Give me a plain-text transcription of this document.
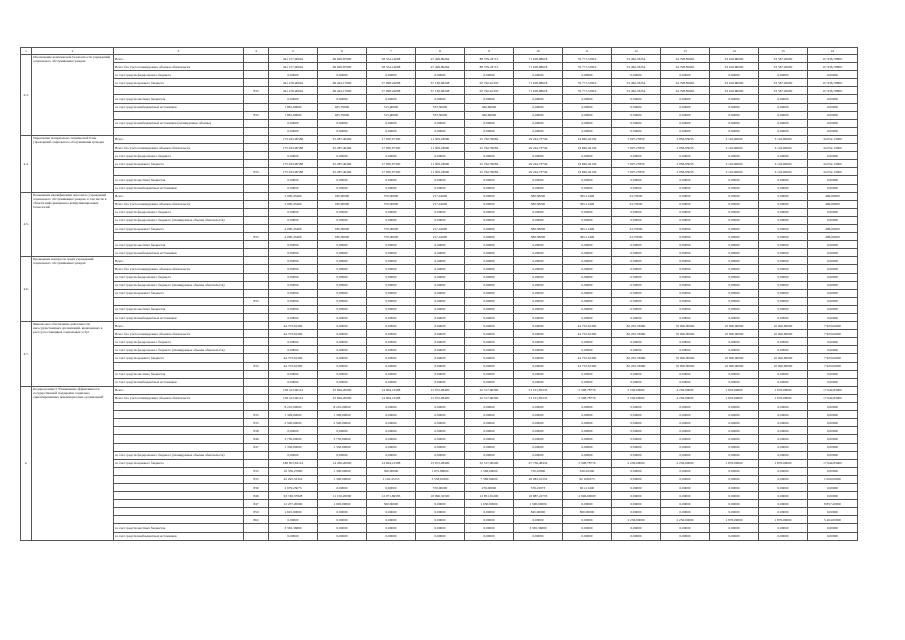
1	2	3	4	5	6	7	8	9	10	11	12	13	14	15	16
4.3.	Обеспечение комплексной безопасности учреждений социального обслуживания граждан	Всего		591 157,90642	69 909,87900	58 554,14098	27 499,96264	88 379,23715	71 918,98618	76 771,51810	53 462,76254	34 798,85965	33 018,80000	33 567,20000	67 436,79800
		Всего без учета планируемых объемов обязательств		591 157,90642	69 909,87900	58 554,14098	27 499,96264	88 379,23715	71 918,98618	76 771,51810	53 462,76254	34 798,85965	33 018,80000	33 567,20000	67 436,79800
		за счет средств федерального бюджета		0,00000	0,00000	0,00000	0,00000	0,00000	0,00000	0,00000	0,00000	0,00000	0,00000	0,00000	0,00000
		за счет средств краевого бюджета		591 276,00642	69 444,17900	57 998,24098	37 136,66248	67 792,61335	71 918,98618	76 771,51810	53 462,76254	34 798,85965	33 018,80000	33 567,20000	67 436,79800
			835	591 276,00642	69 444,17900	57 998,24098	37 136,66248	67 792,61335	71 918,98618	76 771,51810	53 462,76254	34 798,85965	33 018,80000	33 567,20000	67 436,79800
		за счет средств местных бюджетов		0,00000	0,00000	0,00000	0,00000	0,00000	0,00000	0,00000	0,00000	0,00000	0,00000	0,00000	0,00000
		за счет средств внебюджетных источников		1 881,90000	465,70000	515,90000	333,30000	566,60000	0,00000	0,00000	0,00000	0,00000	0,00000	0,00000	0,00000
			835	1 881,90000	465,70000	515,90000	333,30000	566,60000	0,00000	0,00000	0,00000	0,00000	0,00000	0,00000	0,00000
		за счет средств внебюджетных источников (планируемые объемы)		0,00000	0,00000	0,00000	0,00000	0,00000	0,00000	0,00000	0,00000	0,00000	0,00000	0,00000	0,00000
				0,00000	0,00000	0,00000	0,00000	0,00000	0,00000	0,00000	0,00000	0,00000	0,00000	0,00000	0,00000
4.4.	Укрепление материально-технической базы учреждений социального обслуживания граждан	Всего		175 933,90586	25 287,40400	17 050,07300	11 509,18000	25 762,59082	29 244,73749	19 840,43159	7 097,27850	2 856,05635	3 116,90000	3 116,90000	34 052,13900
		Всего без учета планируемых объемов обязательств		175 933,90586	25 287,40400	17 050,07300	11 509,18000	25 762,59082	29 244,73749	19 840,43159	7 097,27850	2 856,05635	3 116,90000	3 116,90000	34 052,13900
		за счет средств федерального бюджета		0,00000	0,00000	0,00000	0,00000	0,00000	0,00000	0,00000	0,00000	0,00000	0,00000	0,00000	0,00000
		за счет средств краевого бюджета		175 933,90586	25 287,40400	17 050,07300	11 509,18000	25 762,59082	29 244,73749	19 840,43159	7 097,27850	2 856,05635	3 116,90000	3 116,90000	34 052,13900
			835	175 933,90586	25 287,40400	17 050,07300	11 509,18000	25 762,59082	29 244,73749	19 840,43159	7 097,27850	2 856,05635	3 116,90000	3 116,90000	34 052,13900
		за счет средств местных бюджетов		0,00000	0,00000	0,00000	0,00000	0,00000	0,00000	0,00000	0,00000	0,00000	0,00000	0,00000	0,00000
		за счет средств внебюджетных источников		0,00000	0,00000	0,00000	0,00000	0,00000	0,00000	0,00000	0,00000	0,00000	0,00000	0,00000	0,00000
4.5.	Повышение квалификации персонала учреждений социального обслуживания граждан, в том числе в области информационно-коммуникационных технологий	Всего		2 090,45409	180,00000	370,00000	217,44000	0,00000	589,58000	365,11409	61,70000	0,00000	0,00000	0,00000	486,60000
		Всего без учета планируемых объемов обязательств		2 090,45409	180,00000	370,00000	217,44000	0,00000	589,58000	365,11409	61,70000	0,00000	0,00000	0,00000	486,60000
		за счет средств федерального бюджета		0,00000	0,00000	0,00000	0,00000	0,00000	0,00000	0,00000	0,00000	0,00000	0,00000	0,00000	0,00000
		за счет средств федерального бюджета (планируемые объемы обязательств)		0,00000	0,00000	0,00000	0,00000	0,00000	0,00000	0,00000	0,00000	0,00000	0,00000	0,00000	0,00000
		за счет средств краевого бюджета		2 090,45409	180,00000	370,00000	217,44000	0,00000	589,58000	365,11409	61,70000	0,00000	0,00000	0,00000	486,60000
			835	2 090,45409	180,00000	370,00000	217,44000	0,00000	589,58000	365,11409	61,70000	0,00000	0,00000	0,00000	486,60000
		за счет средств местных бюджетов		0,00000	0,00000	0,00000	0,00000	0,00000	0,00000	0,00000	0,00000	0,00000	0,00000	0,00000	0,00000
		за счет средств внебюджетных источников		0,00000	0,00000	0,00000	0,00000	0,00000	0,00000	0,00000	0,00000	0,00000	0,00000	0,00000	0,00000
4.6.	Проведение конкурсов среди учреждений социального обслуживания граждан	Всего		0,00000	0,00000	0,00000	0,00000	0,00000	0,00000	0,00000	0,00000	0,00000	0,00000	0,00000	0,00000
		Всего без учета планируемых объемов обязательств		0,00000	0,00000	0,00000	0,00000	0,00000	0,00000	0,00000	0,00000	0,00000	0,00000	0,00000	0,00000
		за счет средств федерального бюджета		0,00000	0,00000	0,00000	0,00000	0,00000	0,00000	0,00000	0,00000	0,00000	0,00000	0,00000	0,00000
		за счет средств федерального бюджета (планируемые объемы обязательств)		0,00000	0,00000	0,00000	0,00000	0,00000	0,00000	0,00000	0,00000	0,00000	0,00000	0,00000	0,00000
		за счет средств краевого бюджета		0,00000	0,00000	0,00000	0,00000	0,00000	0,00000	0,00000	0,00000	0,00000	0,00000	0,00000	0,00000
			835	0,00000	0,00000	0,00000	0,00000	0,00000	0,00000	0,00000	0,00000	0,00000	0,00000	0,00000	0,00000
		за счет средств местных бюджетов		0,00000	0,00000	0,00000	0,00000	0,00000	0,00000	0,00000	0,00000	0,00000	0,00000	0,00000	0,00000
		за счет средств внебюджетных источников		0,00000	0,00000	0,00000	0,00000	0,00000	0,00000	0,00000	0,00000	0,00000	0,00000	0,00000	0,00000
4.7.	Финансовое обеспечение деятельности негосударственных организаций, включенных в реестр поставщиков социальных услуг	Всего		44 753,61300	0,00000	0,00000	0,00000	0,00000	0,00000	44 753,61300	82 263,33980	76 000,00000	10 000,00000	10 000,00000	7 920,00000
		Всего без учета планируемых объемов обязательств		44 753,61300	0,00000	0,00000	0,00000	0,00000	0,00000	44 753,61300	82 263,33980	76 000,00000	10 000,00000	10 000,00000	7 920,00000
		за счет средств федерального бюджета		0,00000	0,00000	0,00000	0,00000	0,00000	0,00000	0,00000	0,00000	0,00000	0,00000	0,00000	0,00000
		за счет средств федерального бюджета (планируемые объемы обязательств)		0,00000	0,00000	0,00000	0,00000	0,00000	0,00000	0,00000	0,00000	0,00000	0,00000	0,00000	0,00000
		за счет средств краевого бюджета		44 753,61300	0,00000	0,00000	0,00000	0,00000	0,00000	44 753,61300	82 263,33980	76 000,00000	10 000,00000	10 000,00000	7 920,00000
			835	44 753,61300	0,00000	0,00000	0,00000	0,00000	0,00000	44 753,61300	82 263,33980	76 000,00000	10 000,00000	10 000,00000	7 920,00000
		за счет средств местных бюджетов		0,00000	0,00000	0,00000	0,00000	0,00000	0,00000	0,00000	0,00000	0,00000	0,00000	0,00000	0,00000
		за счет средств внебюджетных источников		0,00000	0,00000	0,00000	0,00000	0,00000	0,00000	0,00000	0,00000	0,00000	0,00000	0,00000	0,00000
4.	Подпрограмма 5 "Повышение эффективности государственной поддержки социально ориентированных некоммерческих организаций"	Всего		158 413,00114	22 664,20000	14 694,12598	15 972,28400	22 517,90200	51 101,85233	5 598,78776	2 236,00000	2 236,00000	1 876,09000	1 876,09000	17 644,83900
		Всего без учета планируемых объемов обязательств		158 413,00114	22 664,20000	14 694,12598	15 972,28400	22 517,90200	51 101,85233	5 598,78776	2 236,00000	2 236,00000	1 876,09000	1 876,09000	17 644,83900
				8 210,09000	8 210,09000	0,00000	0,00000	0,00000	0,00000	0,00000	0,00000	0,00000	0,00000	0,00000	0,00000
			835	1 309,09000	1 309,09000	0,00000	0,00000	0,00000	0,00000	0,00000	0,00000	0,00000	0,00000	0,00000	0,00000
			835	2 500,00000	2 500,00000	0,00000	0,00000	0,00000	0,00000	0,00000	0,00000	0,00000	0,00000	0,00000	0,00000
			838	0,00000	0,00000	0,00000	0,00000	0,00000	0,00000	0,00000	0,00000	0,00000	0,00000	0,00000	0,00000
			846	3 750,00000	3 750,00000	0,00000	0,00000	0,00000	0,00000	0,00000	0,00000	0,00000	0,00000	0,00000	0,00000
			847	1 350,00000	1 350,00000	0,00000	0,00000	0,00000	0,00000	0,00000	0,00000	0,00000	0,00000	0,00000	0,00000
		за счет средств федерального бюджета (планируемые объемы обязательств)		0,00000	0,00000	0,00000	0,00000	0,00000	0,00000	0,00000	0,00000	0,00000	0,00000	0,00000	0,00000
		за счет средств краевого бюджета		186 853,65114	14 456,20000	14 694,12598	15 972,28400	22 517,90200	47 736,48432	5 598,78776	2 236,00000	2 236,00000	1 876,09000	1 876,09000	17 644,83900
			833	10 336,27890	1 300,00000	500,00000	1 675,88000	1 566,09000	750,22890	816,45500	0,00000	0,00000	0,00000	0,00000	0,00000
			835	42 295,52322	1 300,00000	1 102,43155	3 558,61800	7 389,90000	26 983,10552	92 108,675	0,00000	0,00000	0,00000	0,00000	1 000,00000
			836	2 979,23073	0,00000	0,00000	576,00000	476,00000	576,23073	651,11400	0,00000	0,00000	0,00000	0,00000	0,00000
			846	63 748,37828	11 156,20000	12 071,69583	10 996,32500	12 851,91200	16 887,22735	2 606,00000	0,00000	0,00000	0,00000	0,00000	0,00000
			847	12 257,20000	1 000,00000	500,00000	0,00000	1 650,00000	1 500,00000	0,00000	0,00000	0,00000	0,00000	0,00000	8 857,20000
			859	1 645,90000	0,00000	0,00000	0,00000	0,00000	845,90000	800,00000	0,00000	0,00000	0,00000	0,00000	0,00000
			862	0,00000	0,00000	0,00000	0,00000	0,00000	0,00000	0,00000	2 236,00000	2 236,00000	1 876,09000	1 876,09000	5 464,00000
		за счет средств местных бюджетов		3 365,36800	0,00000	0,00000	0,00000	0,00000	3 365,36800	0,00000	0,00000	0,00000	0,00000	0,00000	0,00000
		за счет средств внебюджетных источников		0,00000	0,00000	0,00000	0,00000	0,00000	0,00000	0,00000	0,00000	0,00000	0,00000	0,00000	0,00000
